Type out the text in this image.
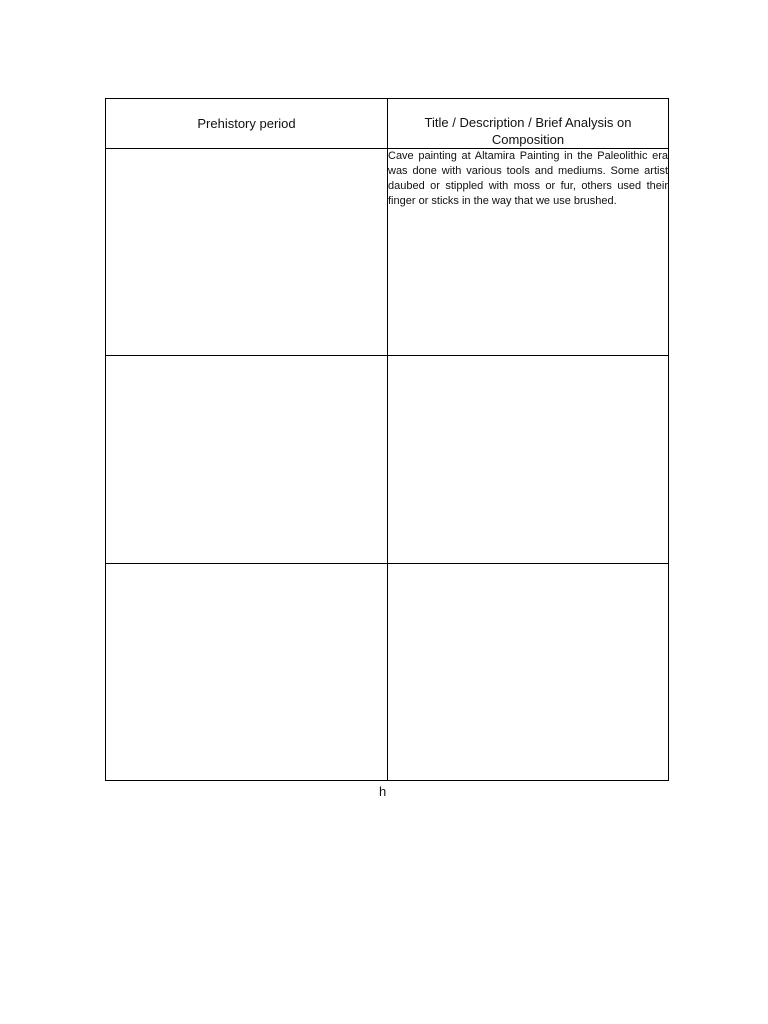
Prehistory period	Title / Description / Brief Analysis on Composition
	Cave painting at Altamira Painting in the Paleolithic era was done with various tools and mediums. Some artist daubed or stippled with moss or fur, others used their finger or sticks in the way that we use brushed.

h
